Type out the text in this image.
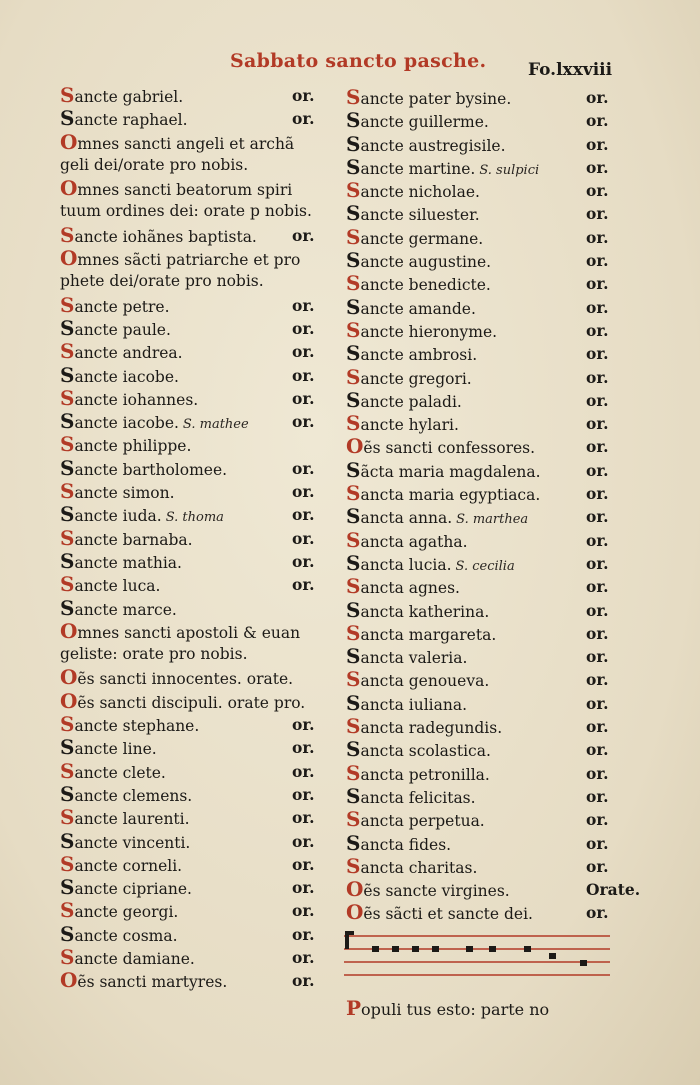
Sabbato sancto pasche. Fo.lxxviii
Sancte gabriel.	or.
Sancte raphael.	or.
Omnes sancti angeli et archã
geli dei/orate pro nobis.
Omnes sancti beatorum spiri
tuum ordines dei: orate p nobis.
Sancte iohãnes baptista. or.
Omnes sãcti patriarche et pro
phete dei/orate pro nobis.
Sancte petre.	or.
Sancte paule.	or.
Sancte andrea.	or.
Sancte iacobe.	or.
Sancte iohannes.	or.
Sancte iacobe. S. mathee	or.
Sancte philippe.
Sancte bartholomee.	or.
Sancte simon.	or.
Sancte iuda. S. thoma	or.
Sancte barnaba.	or.
Sancte mathia.	or.
Sancte luca.	or.
Sancte marce.
Omnes sancti apostoli & euan
geliste: orate pro nobis.
Oẽs sancti innocentes. orate.
Oẽs sancti discipuli. orate pro.
Sancte stephane.	or.
Sancte line.	or.
Sancte clete.	or.
Sancte clemens.	or.
Sancte laurenti.	or.
Sancte vincenti.	or.
Sancte corneli.	or.
Sancte cipriane.	or.
Sancte georgi.	or.
Sancte cosma.	or.
Sancte damiane.	or.
Oẽs sancti martyres.	or.
Sancte pater bysine.	or.
Sancte guillerme.	or.
Sancte austregisile.	or.
Sancte martine. S. sulpici	or.
Sancte nicholae.	or.
Sancte siluester.	or.
Sancte germane.	or.
Sancte augustine.	or.
Sancte benedicte.	or.
Sancte amande.	or.
Sancte hieronyme.	or.
Sancte ambrosi.	or.
Sancte gregori.	or.
Sancte paladi.	or.
Sancte hylari.	or.
Oẽs sancti confessores.	or.
Sãcta maria magdalena.	or.
Sancta maria egyptiaca.	or.
Sancta anna. S. marthea	or.
Sancta agatha.	or.
Sancta lucia. S. cecilia	or.
Sancta agnes.	or.
Sancta katherina.	or.
Sancta margareta.	or.
Sancta valeria.	or.
Sancta genoueva.	or.
Sancta iuliana.	or.
Sancta radegundis.	or.
Sancta scolastica.	or.
Sancta petronilla.	or.
Sancta felicitas.	or.
Sancta perpetua.	or.
Sancta fides.	or.
Sancta charitas.	or.
Oẽs sancte virgines.	Orate.
Oẽs sãcti et sancte dei.	or.
Populi tus esto: parte no
